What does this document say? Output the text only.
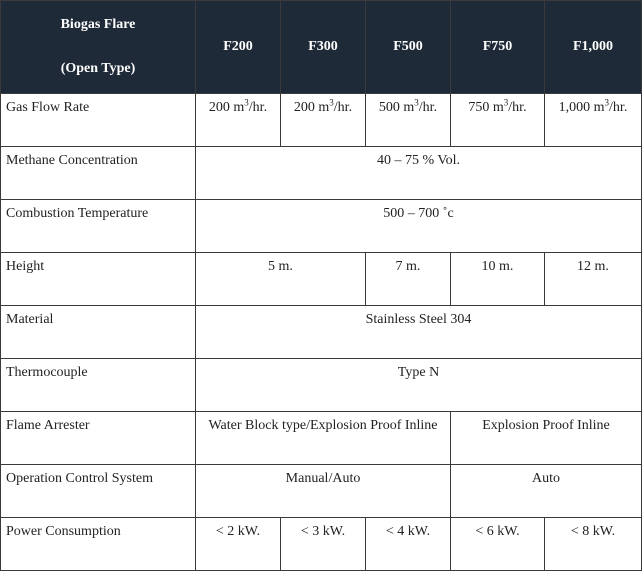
Biogas Flare
(Open Type)	F200	F300	F500	F750	F1,000
Gas Flow Rate	200 $m^3/hr$.	200 $m^3/hr$.	500 $m^3/hr$.	750 $m^3/hr$.	1,000 $m^3/hr$.
Methane Concentration	40 – 75 % Vol.				
Combustion Temperature	500 – 700 ˚c				
Height	5 m.		7 m.	10 m.	12 m.
Material	Stainless Steel 304				
Thermocouple	Type N				
Flame Arrester	Water Block type/Explosion Proof Inline			Explosion Proof Inline	
Operation Control System	Manual/Auto			Auto	
Power Consumption	< 2 kW.	< 3 kW.	< 4 kW.	< 6 kW.	< 8 kW.
